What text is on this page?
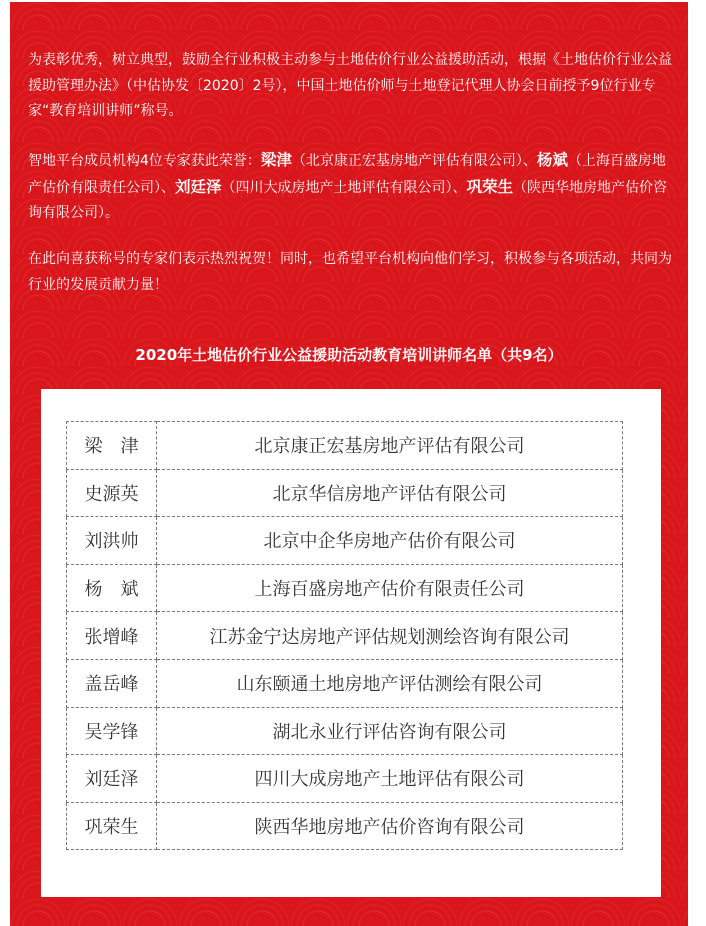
为表彰优秀，树立典型，鼓励全行业积极主动参与土地估价行业公益援助活动，根据《土地估价行业公益援助管理办法》（中估协发〔2020〕2号），中国土地估价师与土地登记代理人协会日前授予9位行业专家“教育培训讲师”称号。

智地平台成员机构4位专家获此荣誉：梁津（北京康正宏基房地产评估有限公司）、杨斌（上海百盛房地产估价有限责任公司）、刘廷泽（四川大成房地产土地评估有限公司）、巩荣生（陕西华地房地产估价咨询有限公司）。

在此向喜获称号的专家们表示热烈祝贺！同时，也希望平台机构向他们学习，积极参与各项活动，共同为行业的发展贡献力量！

2020年土地估价行业公益援助活动教育培训讲师名单（共9名）
梁　津	北京康正宏基房地产评估有限公司
史源英	北京华信房地产评估有限公司
刘洪帅	北京中企华房地产估价有限公司
杨　斌	上海百盛房地产估价有限责任公司
张增峰	江苏金宁达房地产评估规划测绘咨询有限公司
盖岳峰	山东颐通土地房地产评估测绘有限公司
吴学锋	湖北永业行评估咨询有限公司
刘廷泽	四川大成房地产土地评估有限公司
巩荣生	陕西华地房地产估价咨询有限公司
